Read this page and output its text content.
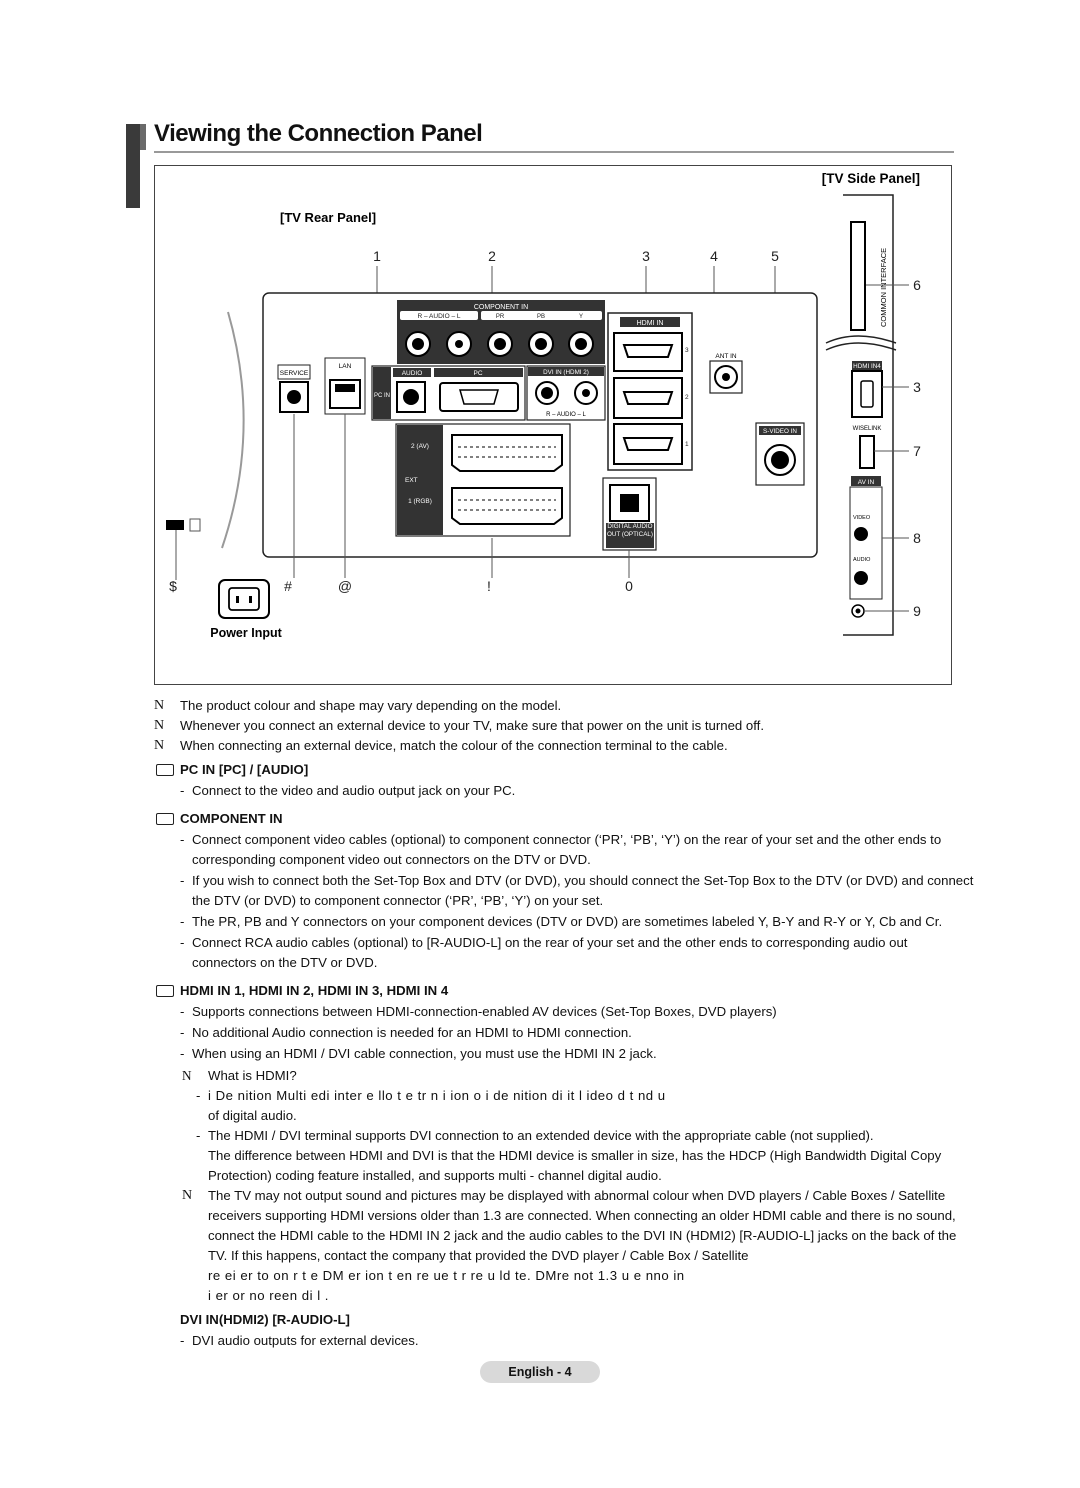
Viewing the Connection Panel
[TV Side Panel]
[TV Rear Panel]
1	2	3	4	5
COMPONENT IN
R – AUDIO – L	PR	PB	Y
HDMI IN
3
2
1
ANT IN
SERVICE
LAN
PC IN
AUDIO	PC	DVI IN (HDMI 2)
R – AUDIO – L
EXT
2 (AV)
1 (RGB)
DIGITAL AUDIO OUT (OPTICAL)
S-VIDEO IN
$	#	@	!	0
Power Input
COMMON INTERFACE
HDMI IN4
WISELINK
AV IN
VIDEO
AUDIO
6
3
7
8
9
N The product colour and shape may vary depending on the model.
N Whenever you connect an external device to your TV, make sure that power on the unit is turned off.
N When connecting an external device, match the colour of the connection terminal to the cable.
PC IN [PC] / [AUDIO]
- Connect to the video and audio output jack on your PC.
COMPONENT IN
- Connect component video cables (optional) to component connector (‘PR’, ‘PB’, ‘Y’) on the rear of your set and the other ends to corresponding component video out connectors on the DTV or DVD.
- If you wish to connect both the Set-Top Box and DTV (or DVD), you should connect the Set-Top Box to the DTV (or DVD) and connect the DTV (or DVD) to component connector (‘PR’, ‘PB’, ‘Y’) on your set.
- The PR, PB and Y connectors on your component devices (DTV or DVD) are sometimes labeled Y, B-Y and R-Y or Y, Cb and Cr.
- Connect RCA audio cables (optional) to [R-AUDIO-L] on the rear of your set and the other ends to corresponding audio out connectors on the DTV or DVD.
HDMI IN 1, HDMI IN 2, HDMI IN 3, HDMI IN 4
- Supports connections between HDMI-connection-enabled AV devices (Set-Top Boxes, DVD players)
- No additional Audio connection is needed for an HDMI to HDMI connection.
- When using an HDMI / DVI cable connection, you must use the HDMI IN 2 jack.
N What is HDMI?
- i De nition Multi edi inter e llo t e tr n i ion o i de nition di it l ideo d t nd u
of digital audio.
- The HDMI / DVI terminal supports DVI connection to an extended device with the appropriate cable (not supplied).
The difference between HDMI and DVI is that the HDMI device is smaller in size, has the HDCP (High Bandwidth Digital Copy Protection) coding feature installed, and supports multi - channel digital audio.
N The TV may not output sound and pictures may be displayed with abnormal colour when DVD players / Cable Boxes / Satellite receivers supporting HDMI versions older than 1.3 are connected. When connecting an older HDMI cable and there is no sound, connect the HDMI cable to the HDMI IN 2 jack and the audio cables to the DVI IN (HDMI2) [R-AUDIO-L] jacks on the back of the TV. If this happens, contact the company that provided the DVD player / Cable Box / Satellite
re ei er to on r t e DM er ion t en re ue t r re u ld te. DMre not 1.3 u e nno in
i er or no reen di l .
DVI IN(HDMI2) [R-AUDIO-L]
- DVI audio outputs for external devices.
English - 4
